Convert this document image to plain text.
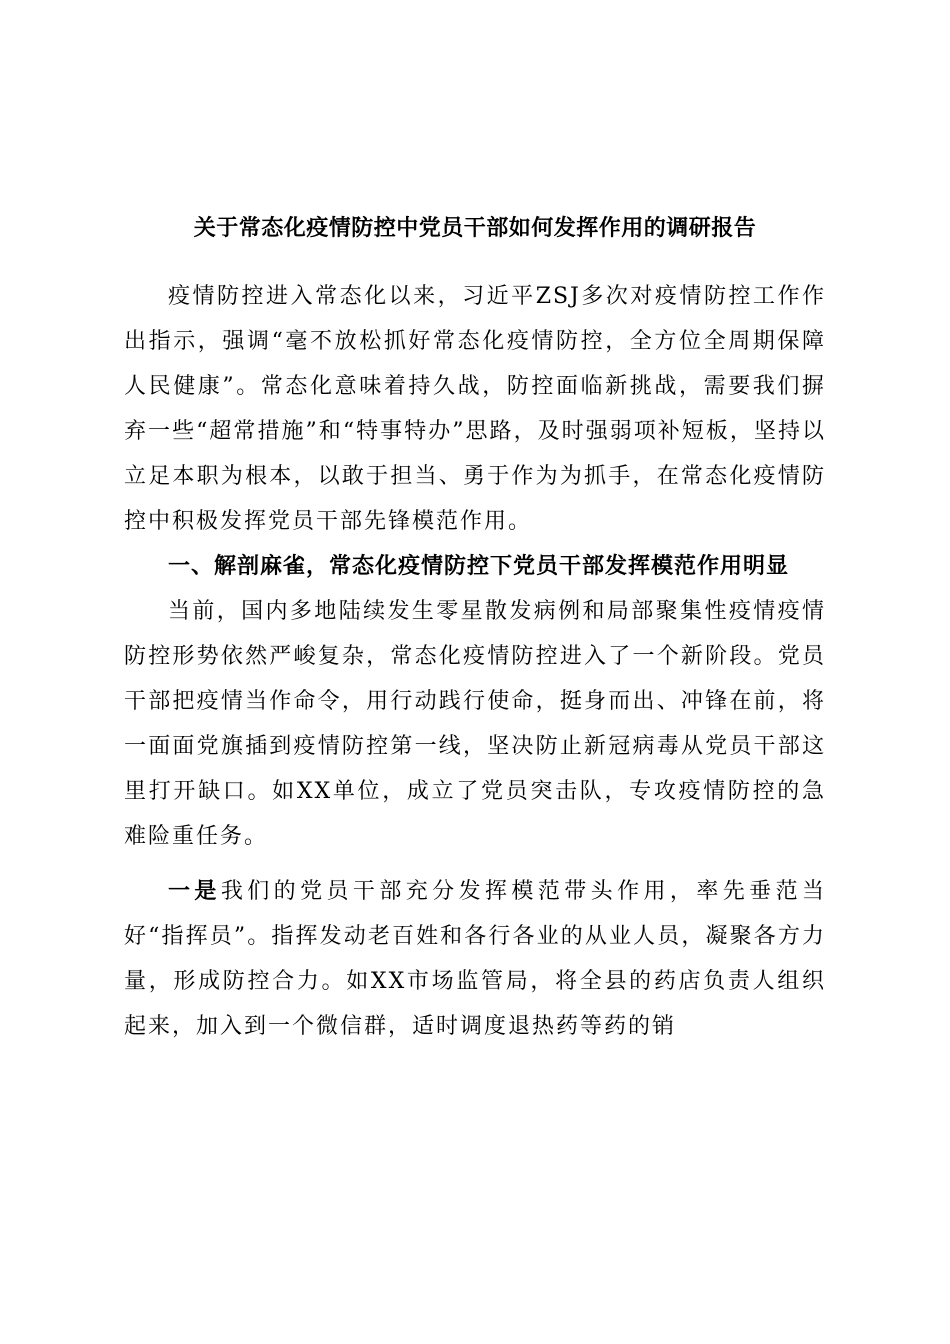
关于常态化疫情防控中党员干部如何发挥作用的调研报告

疫情防控进入常态化以来，习近平ZSJ多次对疫情防控工作作出指示，强调“毫不放松抓好常态化疫情防控，全方位全周期保障人民健康”。常态化意味着持久战，防控面临新挑战，需要我们摒弃一些“超常措施”和“特事特办”思路，及时强弱项补短板，坚持以立足本职为根本，以敢于担当、勇于作为为抓手，在常态化疫情防控中积极发挥党员干部先锋模范作用。

一、解剖麻雀，常态化疫情防控下党员干部发挥模范作用明显

当前，国内多地陆续发生零星散发病例和局部聚集性疫情疫情防控形势依然严峻复杂，常态化疫情防控进入了一个新阶段。党员干部把疫情当作命令，用行动践行使命，挺身而出、冲锋在前，将一面面党旗插到疫情防控第一线，坚决防止新冠病毒从党员干部这里打开缺口。如XX单位，成立了党员突击队，专攻疫情防控的急难险重任务。

一是我们的党员干部充分发挥模范带头作用，率先垂范当好“指挥员”。指挥发动老百姓和各行各业的从业人员，凝聚各方力量，形成防控合力。如XX市场监管局，将全县的药店负责人组织起来，加入到一个微信群，适时调度退热药等药的销
